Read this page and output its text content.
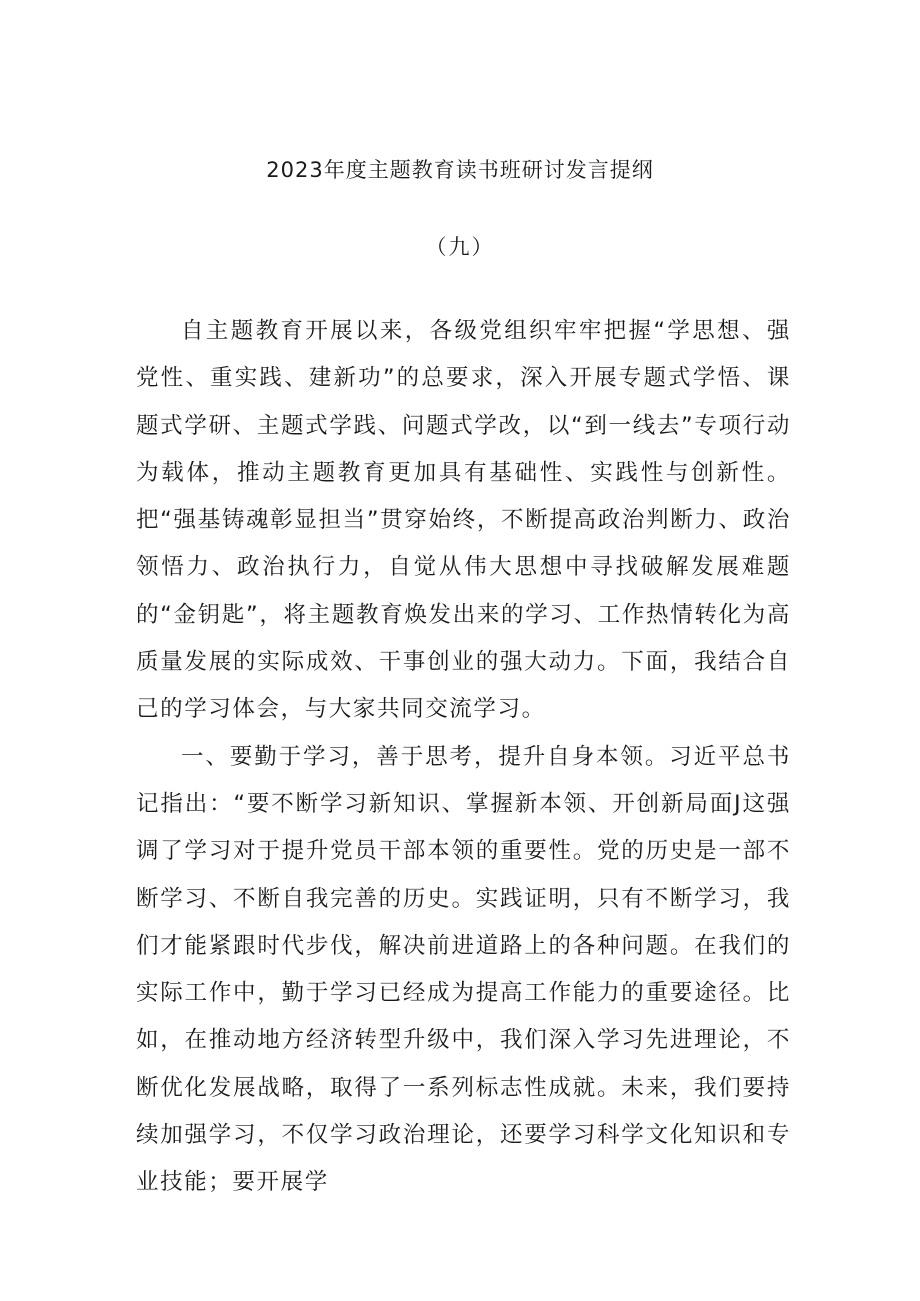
2023年度主题教育读书班研讨发言提纲
（九）

自主题教育开展以来，各级党组织牢牢把握“学思想、强党性、重实践、建新功”的总要求，深入开展专题式学悟、课题式学研、主题式学践、问题式学改，以“到一线去”专项行动为载体，推动主题教育更加具有基础性、实践性与创新性。把“强基铸魂彰显担当”贯穿始终，不断提高政治判断力、政治领悟力、政治执行力，自觉从伟大思想中寻找破解发展难题的“金钥匙”，将主题教育焕发出来的学习、工作热情转化为高质量发展的实际成效、干事创业的强大动力。下面，我结合自己的学习体会，与大家共同交流学习。

一、要勤于学习，善于思考，提升自身本领。习近平总书记指出：“要不断学习新知识、掌握新本领、开创新局面J这强调了学习对于提升党员干部本领的重要性。党的历史是一部不断学习、不断自我完善的历史。实践证明，只有不断学习，我们才能紧跟时代步伐，解决前进道路上的各种问题。在我们的实际工作中，勤于学习已经成为提高工作能力的重要途径。比如，在推动地方经济转型升级中，我们深入学习先进理论，不断优化发展战略，取得了一系列标志性成就。未来，我们要持续加强学习，不仅学习政治理论，还要学习科学文化知识和专业技能；要开展学
